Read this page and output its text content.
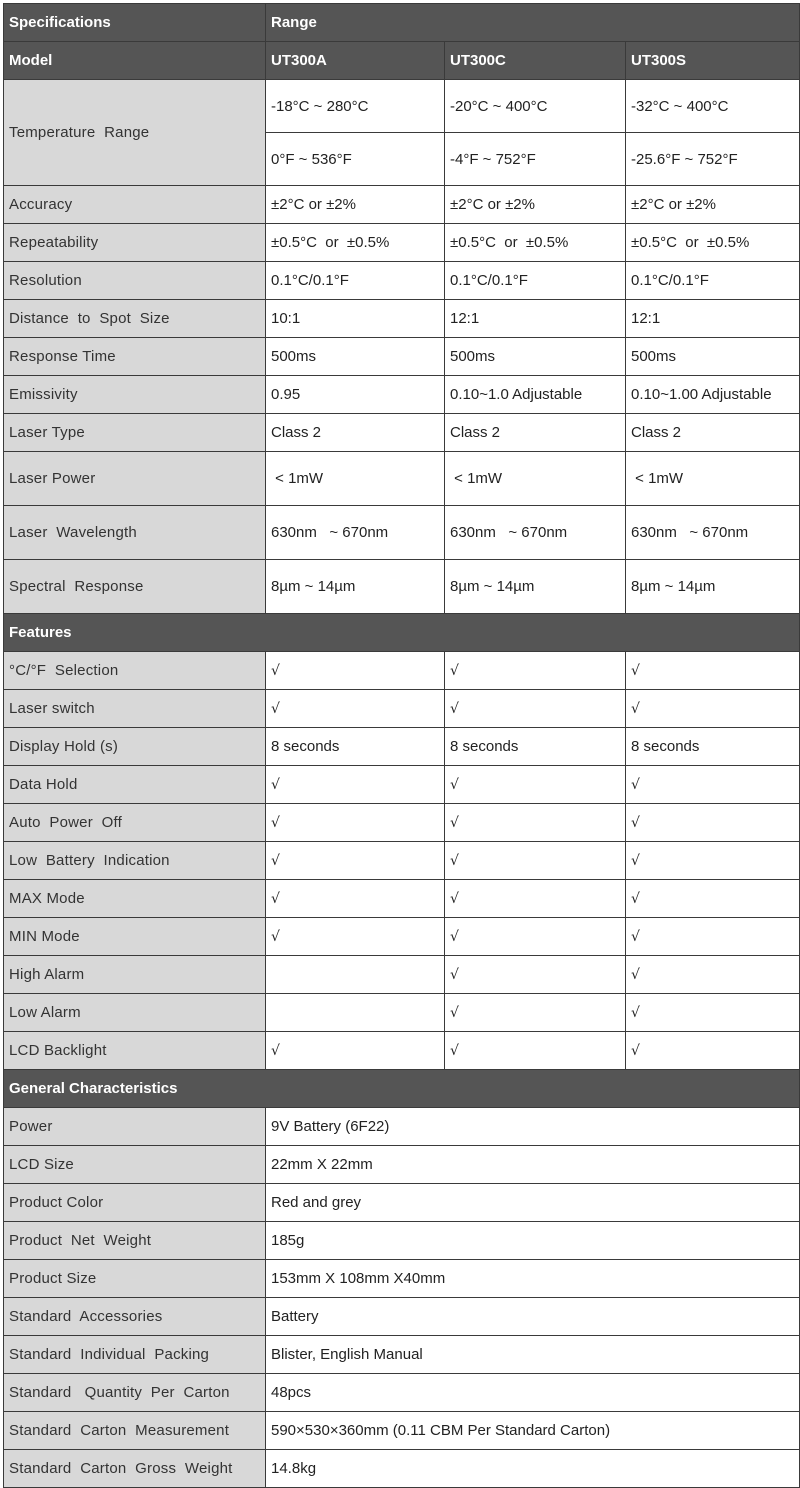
Specifications	Range		
Model	UT300A	UT300C	UT300S
Temperature  Range	-18°C ~ 280°C	-20°C ~ 400°C	-32°C ~ 400°C
	0°F ~ 536°F	-4°F ~ 752°F	-25.6°F ~ 752°F
Accuracy	±2°C or ±2%	±2°C or ±2%	±2°C or ±2%
Repeatability	±0.5°C  or  ±0.5%	±0.5°C  or  ±0.5%	±0.5°C  or  ±0.5%
Resolution	0.1°C/0.1°F	0.1°C/0.1°F	0.1°C/0.1°F
Distance  to  Spot  Size	10:1	12:1	12:1
Response Time	500ms	500ms	500ms
Emissivity	0.95	0.10~1.0 Adjustable	0.10~1.00 Adjustable
Laser Type	Class 2	Class 2	Class 2
Laser Power	< 1mW	< 1mW	< 1mW
Laser  Wavelength	630nm   ~ 670nm	630nm   ~ 670nm	630nm   ~ 670nm
Spectral  Response	8µm ~ 14µm	8µm ~ 14µm	8µm ~ 14µm
Features			
°C/°F  Selection	√	√	√
Laser switch	√	√	√
Display Hold (s)	8 seconds	8 seconds	8 seconds
Data Hold	√	√	√
Auto  Power  Off	√	√	√
Low  Battery  Indication	√	√	√
MAX Mode	√	√	√
MIN Mode	√	√	√
High Alarm		√	√
Low Alarm		√	√
LCD Backlight	√	√	√
General Characteristics			
Power	9V Battery (6F22)		
LCD Size	22mm X 22mm		
Product Color	Red and grey		
Product  Net  Weight	185g		
Product Size	153mm X 108mm X40mm		
Standard  Accessories	Battery		
Standard  Individual  Packing	Blister, English Manual		
Standard   Quantity  Per  Carton	48pcs		
Standard  Carton  Measurement	590×530×360mm (0.11 CBM Per Standard Carton)		
Standard  Carton  Gross  Weight	14.8kg		
